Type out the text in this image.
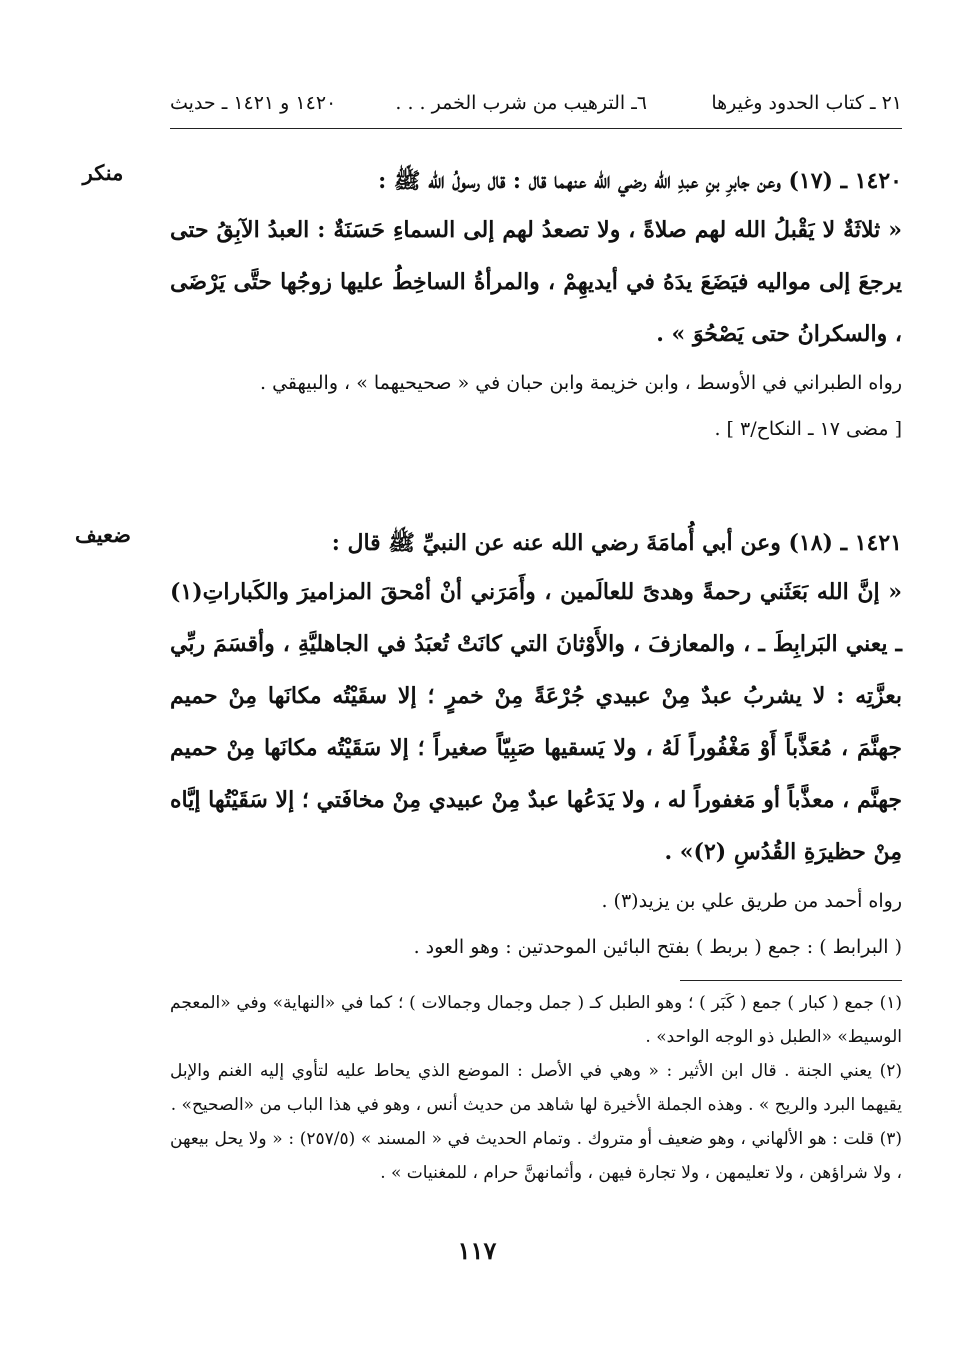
٢١ ـ كتاب الحدود وغيرها
٦ـ الترهيب من شرب الخمر . . .
١٤٢٠ و ١٤٢١ ـ حديث
منكر	١٤٢٠ ـ (١٧) وعن جابرِ بنِ عبدِ الله رضي الله عنهما قال : قال رسولُ الله ﷺ :
« ثلاثَةٌ لا يَقْبلُ الله لهم صلاةً ، ولا تصعدُ لهم إلى السماءِ حَسَنَةٌ : العبدُ الآبِقُ حتى يرجعَ إلى مواليه فيَضَعَ يدَهُ في أيديهِمْ ، والمرأةُ الساخِطُ عليها زوجُها حتَّى يَرْضَى ، والسكرانُ حتى يَصْحُوَ » .
رواه الطبراني في الأوسط ، وابن خزيمة وابن حبان في « صحيحيهما » ، والبيهقي .
[ مضى ١٧ ـ النكاح/٣ ] .
ضعيف	١٤٢١ ـ (١٨) وعن أبي أُمامَةَ رضي الله عنه عن النبيِّ ﷺ قال :
« إنَّ الله بَعَثَني رحمةً وهدىً للعالَمين ، وأَمَرَني أنْ أمْحقَ المزاميرَ والكَباراتِ(١) ـ يعني البَرابِطَ ـ ، والمعازفَ ، والأَوْثانَ التي كانَتْ تُعبَدُ في الجاهليَّةِ ، وأقسَمَ ربِّي بعزَّتِه : لا يشربُ عبدٌ مِنْ عبيدي جُرْعَةً مِنْ خمرٍ ؛ إلا سقَيْتُه مكانَها مِنْ حميم جهنَّمَ ، مُعَذَّباً أَوْ مَغْفُوراً لَهُ ، ولا يَسقيها صَبِيّاً صغيراً ؛ إلا سَقَيْتُه مكانَها مِنْ حميم جهنَّم ، معذَّباً أو مَغفوراً له ، ولا يَدَعُها عبدٌ مِنْ عبيدي مِنْ مخافَتي ؛ إلا سَقَيْتُها إيَّاه مِنْ حظيرَةِ القُدُسِ (٢)» .
رواه أحمد من طريق علي بن يزيد(٣) .
( البرابط ) : جمع ( بربط ) بفتح البائين الموحدتين : وهو العود .
(١) جمع ( كبار ) جمع ( كَبَر ) ؛ وهو الطبل كـ ( جمل وجمال وجمالات ) ؛ كما في «النهاية» وفي «المعجم الوسيط» «الطبل ذو الوجه الواحد» .
(٢) يعني الجنة . قال ابن الأثير : « وهي في الأصل : الموضع الذي يحاط عليه لتأوي إليه الغنم والإبل يقيهما البرد والريح » . وهذه الجملة الأخيرة لها شاهد من حديث أنس ، وهو في هذا الباب من «الصحيح» .
(٣) قلت : هو الألهاني ، وهو ضعيف أو متروك . وتمام الحديث في « المسند » (٢٥٧/٥) : « ولا يحل بيعهن ، ولا شراؤهن ، ولا تعليمهن ، ولا تجارة فيهن ، وأثمانهنَّ حرام ، للمغنيات » .
١١٧
